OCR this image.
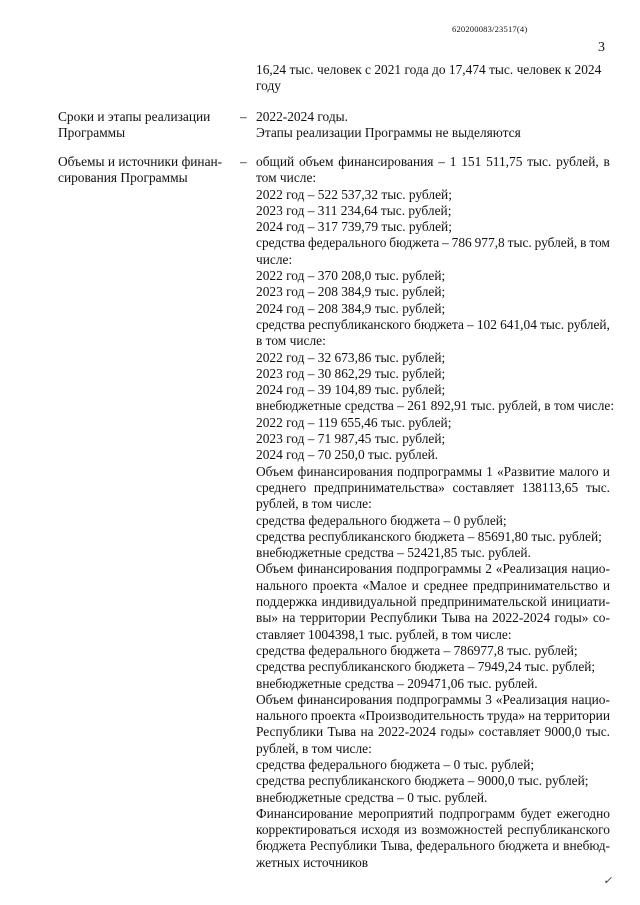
620200083/23517(4)
3
16,24 тыс. человек с 2021 года до 17,474 тыс. человек к 2024
году
Сроки и этапы реализации
Программы
– 2022-2024 годы.
Этапы реализации Программы не выделяются
Объемы и источники финан-
сирования Программы
– общий объем финансирования – 1 151 511,75 тыс. рублей, в
том числе:
2022 год – 522 537,32 тыс. рублей;
2023 год – 311 234,64 тыс. рублей;
2024 год – 317 739,79 тыс. рублей;
средства федерального бюджета – 786 977,8 тыс. рублей, в том
числе:
2022 год – 370 208,0 тыс. рублей;
2023 год – 208 384,9 тыс. рублей;
2024 год – 208 384,9 тыс. рублей;
средства республиканского бюджета – 102 641,04 тыс. рублей,
в том числе:
2022 год – 32 673,86 тыс. рублей;
2023 год – 30 862,29 тыс. рублей;
2024 год – 39 104,89 тыс. рублей;
внебюджетные средства – 261 892,91 тыс. рублей, в том числе:
2022 год – 119 655,46 тыс. рублей;
2023 год – 71 987,45 тыс. рублей;
2024 год – 70 250,0 тыс. рублей.
Объем финансирования подпрограммы 1 «Развитие малого и
среднего предпринимательства» составляет 138113,65 тыс.
рублей, в том числе:
средства федерального бюджета – 0 рублей;
средства республиканского бюджета – 85691,80 тыс. рублей;
внебюджетные средства – 52421,85 тыс. рублей.
Объем финансирования подпрограммы 2 «Реализация нацио-
нального проекта «Малое и среднее предпринимательство и
поддержка индивидуальной предпринимательской инициати-
вы» на территории Республики Тыва на 2022-2024 годы» со-
ставляет 1004398,1 тыс. рублей, в том числе:
средства федерального бюджета – 786977,8 тыс. рублей;
средства республиканского бюджета – 7949,24 тыс. рублей;
внебюджетные средства – 209471,06 тыс. рублей.
Объем финансирования подпрограммы 3 «Реализация нацио-
нального проекта «Производительность труда» на территории
Республики Тыва на 2022-2024 годы» составляет 9000,0 тыс.
рублей, в том числе:
средства федерального бюджета – 0 тыс. рублей;
средства республиканского бюджета – 9000,0 тыс. рублей;
внебюджетные средства – 0 тыс. рублей.
Финансирование мероприятий подпрограмм будет ежегодно
корректироваться исходя из возможностей республиканского
бюджета Республики Тыва, федерального бюджета и внебюд-
жетных источников
✓
